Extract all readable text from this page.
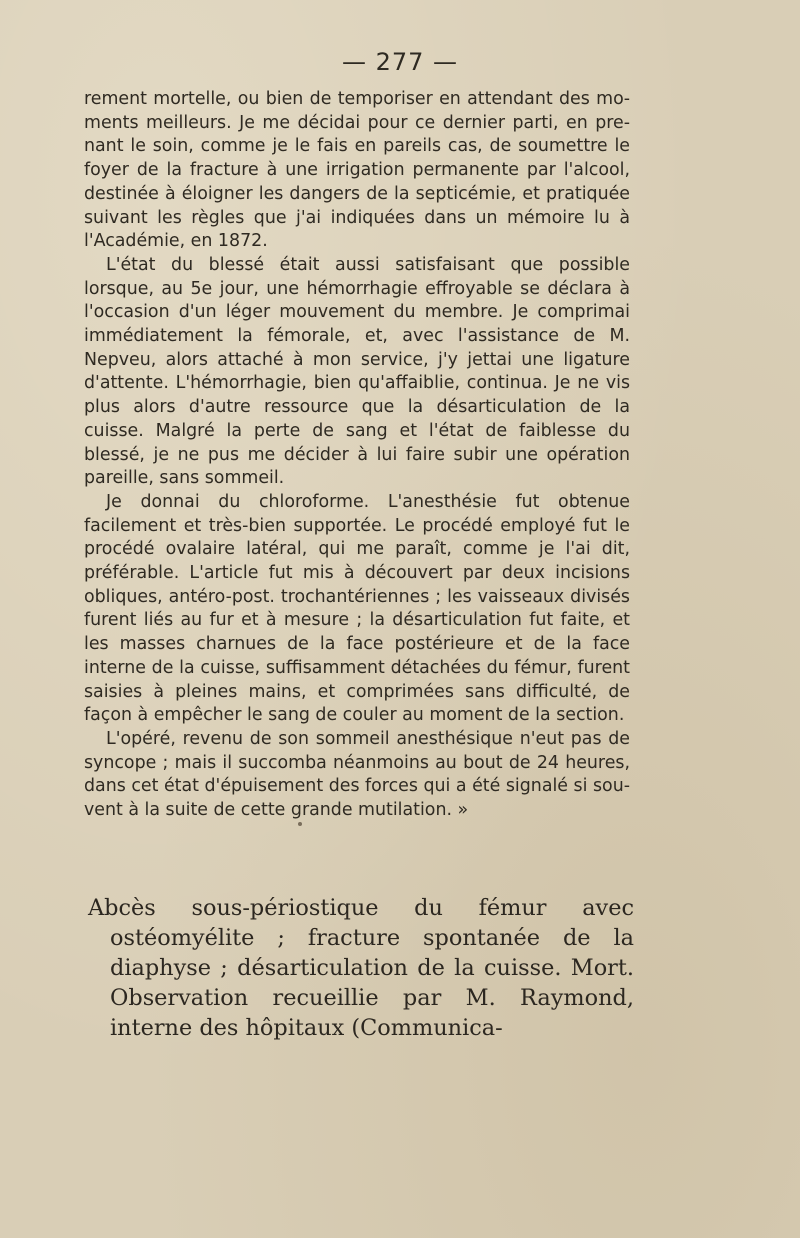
— 277 —

rement mortelle, ou bien de temporiser en attendant des moments meilleurs. Je me décidai pour ce dernier parti, en prenant le soin, comme je le fais en pareils cas, de soumettre le foyer de la fracture à une irrigation permanente par l'alcool, destinée à éloigner les dangers de la septicémie, et pratiquée suivant les règles que j'ai indiquées dans un mémoire lu à l'Académie, en 1872.

L'état du blessé était aussi satisfaisant que possible lorsque, au 5e jour, une hémorrhagie effroyable se déclara à l'occasion d'un léger mouvement du membre. Je comprimai immédiatement la fémorale, et, avec l'assistance de M. Nepveu, alors attaché à mon service, j'y jettai une ligature d'attente. L'hémorrhagie, bien qu'affaiblie, continua. Je ne vis plus alors d'autre ressource que la désarticulation de la cuisse. Malgré la perte de sang et l'état de faiblesse du blessé, je ne pus me décider à lui faire subir une opération pareille, sans sommeil.

Je donnai du chloroforme. L'anesthésie fut obtenue facilement et très-bien supportée. Le procédé employé fut le procédé ovalaire latéral, qui me paraît, comme je l'ai dit, préférable. L'article fut mis à découvert par deux incisions obliques, antéro-post. trochantériennes ; les vaisseaux divisés furent liés au fur et à mesure ; la désarticulation fut faite, et les masses charnues de la face postérieure et de la face interne de la cuisse, suffisamment détachées du fémur, furent saisies à pleines mains, et comprimées sans difficulté, de façon à empêcher le sang de couler au moment de la section.

L'opéré, revenu de son sommeil anesthésique n'eut pas de syncope ; mais il succomba néanmoins au bout de 24 heures, dans cet état d'épuisement des forces qui a été signalé si souvent à la suite de cette grande mutilation. »

Abcès sous-périostique du fémur avec ostéomyélite ; fracture spontanée de la diaphyse ; désarticulation de la cuisse. Mort. Observation recueillie par M. Raymond, interne des hôpitaux (Communica-
